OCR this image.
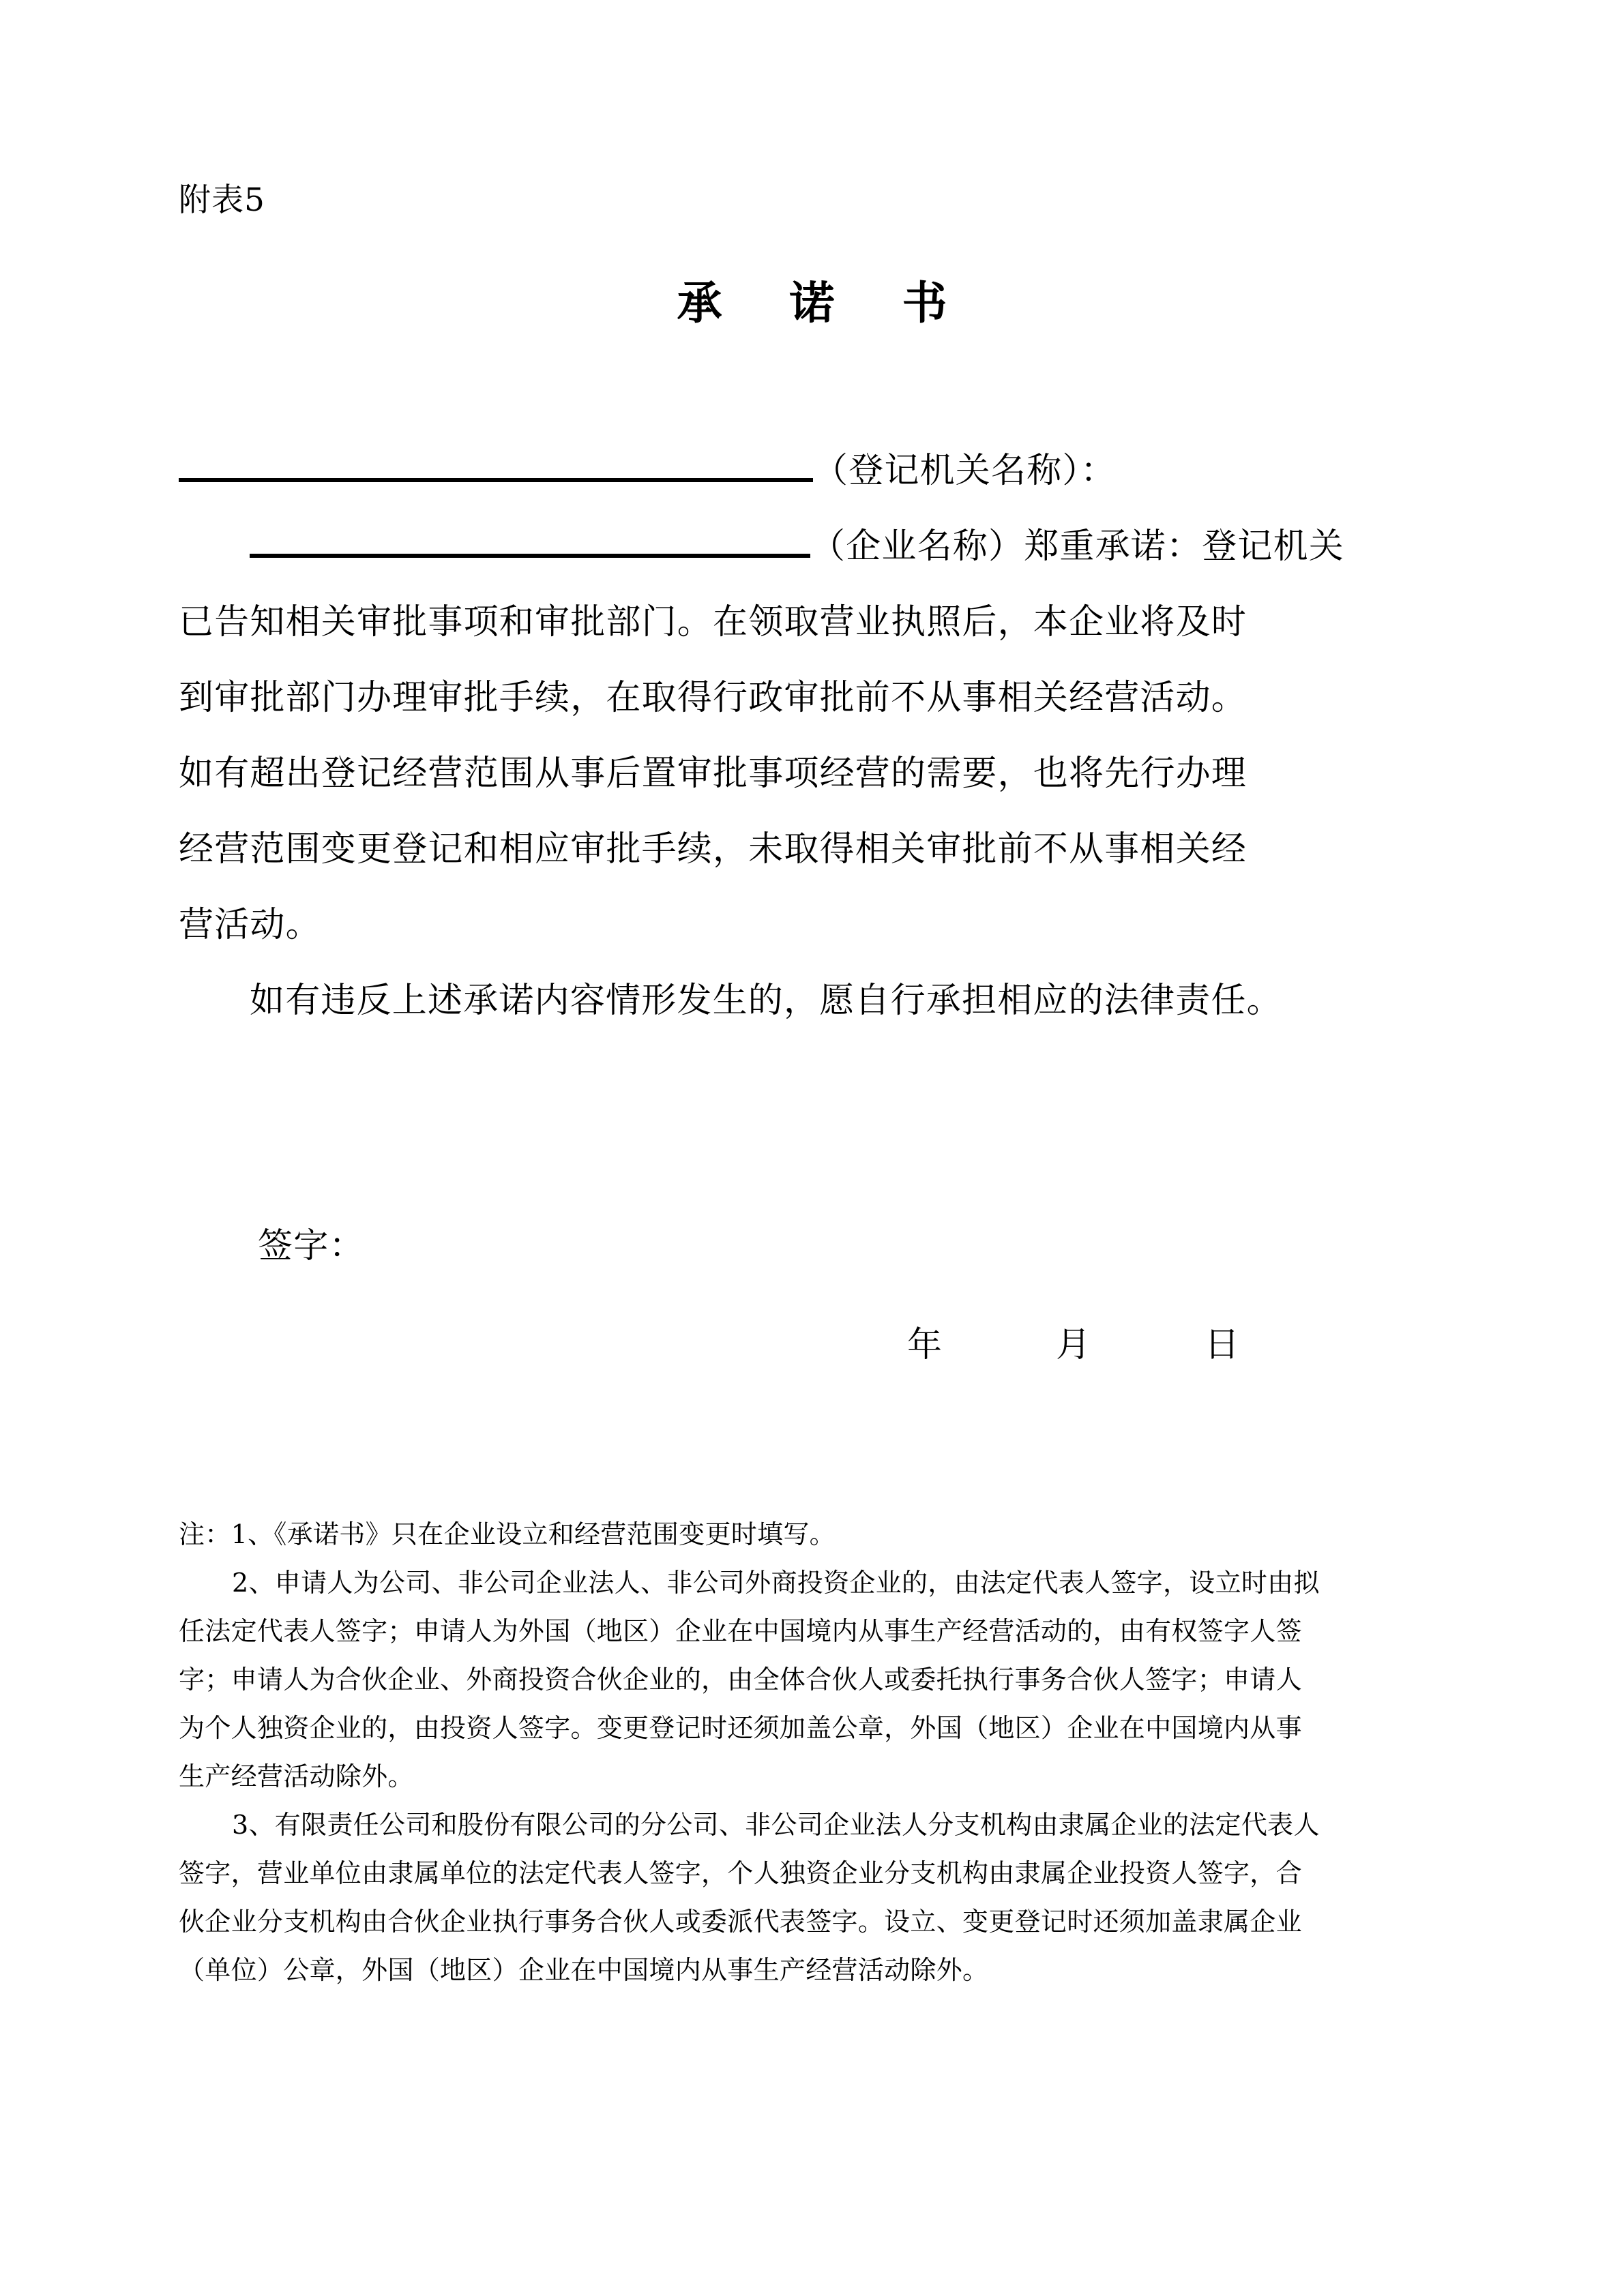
附表5
承 诺 书
（登记机关名称）：
（企业名称）郑重承诺：登记机关
已告知相关审批事项和审批部门。在领取营业执照后，本企业将及时
到审批部门办理审批手续，在取得行政审批前不从事相关经营活动。
如有超出登记经营范围从事后置审批事项经营的需要，也将先行办理
经营范围变更登记和相应审批手续，未取得相关审批前不从事相关经
营活动。
如有违反上述承诺内容情形发生的，愿自行承担相应的法律责任。
签字：
年	月	日
注：1、《承诺书》只在企业设立和经营范围变更时填写。
2、申请人为公司、非公司企业法人、非公司外商投资企业的，由法定代表人签字，设立时由拟
任法定代表人签字；申请人为外国（地区）企业在中国境内从事生产经营活动的，由有权签字人签
字；申请人为合伙企业、外商投资合伙企业的，由全体合伙人或委托执行事务合伙人签字；申请人
为个人独资企业的，由投资人签字。变更登记时还须加盖公章，外国（地区）企业在中国境内从事
生产经营活动除外。
3、有限责任公司和股份有限公司的分公司、非公司企业法人分支机构由隶属企业的法定代表人
签字，营业单位由隶属单位的法定代表人签字，个人独资企业分支机构由隶属企业投资人签字，合
伙企业分支机构由合伙企业执行事务合伙人或委派代表签字。设立、变更登记时还须加盖隶属企业
（单位）公章，外国（地区）企业在中国境内从事生产经营活动除外。
